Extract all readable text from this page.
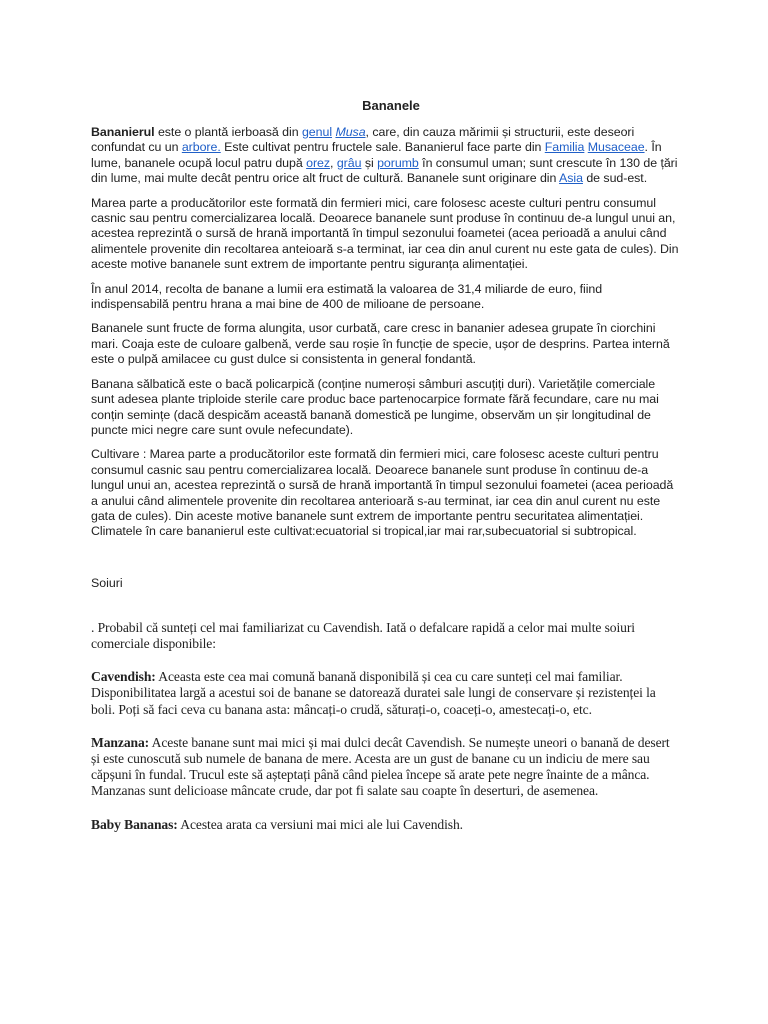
Bananele

Bananierul este o plantă ierboasă din genul Musa, care, din cauza mărimii și structurii, este deseori confundat cu un arbore. Este cultivat pentru fructele sale. Bananierul face parte din Familia Musaceae. În lume, bananele ocupă locul patru după orez, grâu și porumb în consumul uman; sunt crescute în 130 de țări din lume, mai multe decât pentru orice alt fruct de cultură. Bananele sunt originare din Asia de sud-est.

Marea parte a producătorilor este formată din fermieri mici, care folosesc aceste culturi pentru consumul casnic sau pentru comercializarea locală. Deoarece bananele sunt produse în continuu de-a lungul unui an, acestea reprezintă o sursă de hrană importantă în timpul sezonului foametei (acea perioadă a anului când alimentele provenite din recoltarea anteioară s-a terminat, iar cea din anul curent nu este gata de cules). Din aceste motive bananele sunt extrem de importante pentru siguranța alimentației.

În anul 2014, recolta de banane a lumii era estimată la valoarea de 31,4 miliarde de euro, fiind indispensabilă pentru hrana a mai bine de 400 de milioane de persoane.

Bananele sunt fructe de forma alungita, usor curbată, care cresc in bananier adesea grupate în ciorchini mari. Coaja este de culoare galbenă, verde sau roșie în funcție de specie, ușor de desprins. Partea internă este o pulpă amilacee cu gust dulce si consistenta in general fondantă.

Banana sălbatică este o bacă policarpică (conține numeroși sâmburi ascuțiți duri). Varietățile comerciale sunt adesea plante triploide sterile care produc bace partenocarpice formate fără fecundare, care nu mai conțin semințe (dacă despicăm această banană domestică pe lungime, observăm un șir longitudinal de puncte mici negre care sunt ovule nefecundate).

Cultivare : Marea parte a producătorilor este formată din fermieri mici, care folosesc aceste culturi pentru consumul casnic sau pentru comercializarea locală. Deoarece bananele sunt produse în continuu de-a lungul unui an, acestea reprezintă o sursă de hrană importantă în timpul sezonului foametei (acea perioadă a anului când alimentele provenite din recoltarea anterioară s-au terminat, iar cea din anul curent nu este gata de cules). Din aceste motive bananele sunt extrem de importante pentru securitatea alimentației. Climatele în care bananierul este cultivat:ecuatorial si tropical,iar mai rar,subecuatorial si subtropical.

Soiuri

. Probabil că sunteți cel mai familiarizat cu Cavendish. Iată o defalcare rapidă a celor mai multe soiuri comerciale disponibile:

Cavendish: Aceasta este cea mai comună banană disponibilă și cea cu care sunteți cel mai familiar. Disponibilitatea largă a acestui soi de banane se datorează duratei sale lungi de conservare și rezistenței la boli. Poți să faci ceva cu banana asta: mâncați-o crudă, săturați-o, coaceți-o, amestecați-o, etc.

Manzana: Aceste banane sunt mai mici și mai dulci decât Cavendish. Se numește uneori o banană de desert și este cunoscută sub numele de banana de mere. Acesta are un gust de banane cu un indiciu de mere sau căpșuni în fundal. Trucul este să așteptați până când pielea începe să arate pete negre înainte de a mânca. Manzanas sunt delicioase mâncate crude, dar pot fi salate sau coapte în deserturi, de asemenea.

Baby Bananas: Acestea arata ca versiuni mai mici ale lui Cavendish.
